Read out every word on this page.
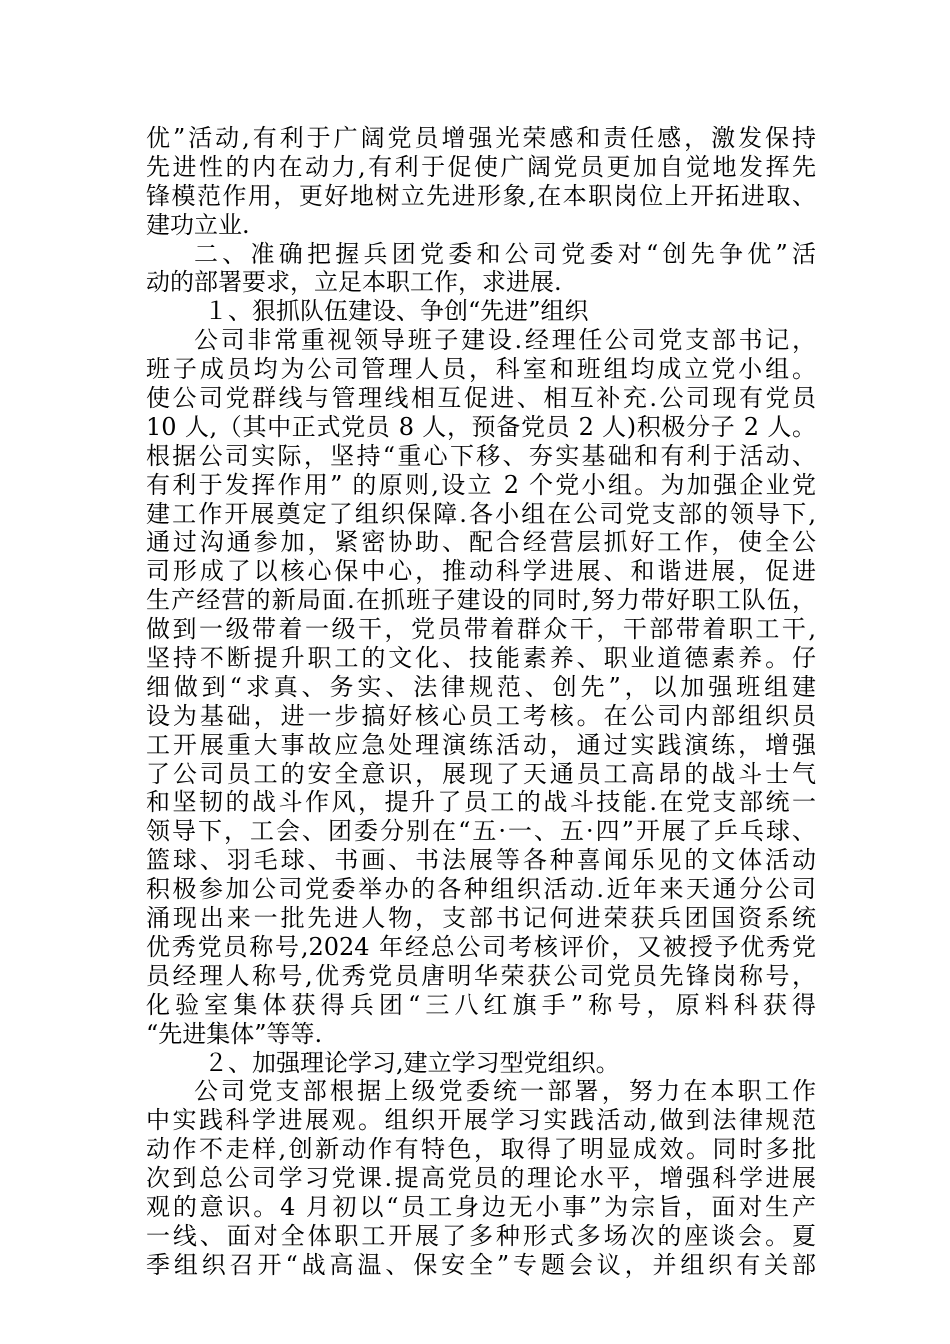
优”活动,有利于广阔党员增强光荣感和责任感，激发保持
先进性的内在动力,有利于促使广阔党员更加自觉地发挥先
锋模范作用，更好地树立先进形象,在本职岗位上开拓进取、
建功立业.
二、准确把握兵团党委和公司党委对“创先争优”活
动的部署要求，立足本职工作，求进展.
１、狠抓队伍建设、争创“先进”组织
公司非常重视领导班子建设.经理任公司党支部书记，
班子成员均为公司管理人员，科室和班组均成立党小组。
使公司党群线与管理线相互促进、相互补充.公司现有党员
10 人,（其中正式党员 8 人，预备党员 2 人)积极分子 2 人。
根据公司实际，坚持“重心下移、夯实基础和有利于活动、
有利于发挥作用” 的原则,设立 2 个党小组。为加强企业党
建工作开展奠定了组织保障.各小组在公司党支部的领导下,
通过沟通参加，紧密协助、配合经营层抓好工作，使全公
司形成了以核心保中心，推动科学进展、和谐进展，促进
生产经营的新局面.在抓班子建设的同时,努力带好职工队伍，
做到一级带着一级干，党员带着群众干，干部带着职工干,
坚持不断提升职工的文化、技能素养、职业道德素养。仔
细做到“求真、务实、法律规范、创先”，以加强班组建
设为基础，进一步搞好核心员工考核。在公司内部组织员
工开展重大事故应急处理演练活动，通过实践演练，增强
了公司员工的安全意识，展现了天通员工高昂的战斗士气
和坚韧的战斗作风，提升了员工的战斗技能.在党支部统一
领导下，工会、团委分别在“五·一、五·四”开展了乒乓球、
篮球、羽毛球、书画、书法展等各种喜闻乐见的文体活动
积极参加公司党委举办的各种组织活动.近年来天通分公司
涌现出来一批先进人物，支部书记何进荣获兵团国资系统
优秀党员称号,2024 年经总公司考核评价，又被授予优秀党
员经理人称号,优秀党员唐明华荣获公司党员先锋岗称号，
化验室集体获得兵团“三八红旗手”称号，原料科获得
“先进集体”等等.
２、加强理论学习,建立学习型党组织。
公司党支部根据上级党委统一部署，努力在本职工作
中实践科学进展观。组织开展学习实践活动,做到法律规范
动作不走样,创新动作有特色，取得了明显成效。同时多批
次到总公司学习党课.提高党员的理论水平，增强科学进展
观的意识。4 月初以“员工身边无小事”为宗旨，面对生产
一线、面对全体职工开展了多种形式多场次的座谈会。夏
季组织召开“战高温、保安全”专题会议，并组织有关部
